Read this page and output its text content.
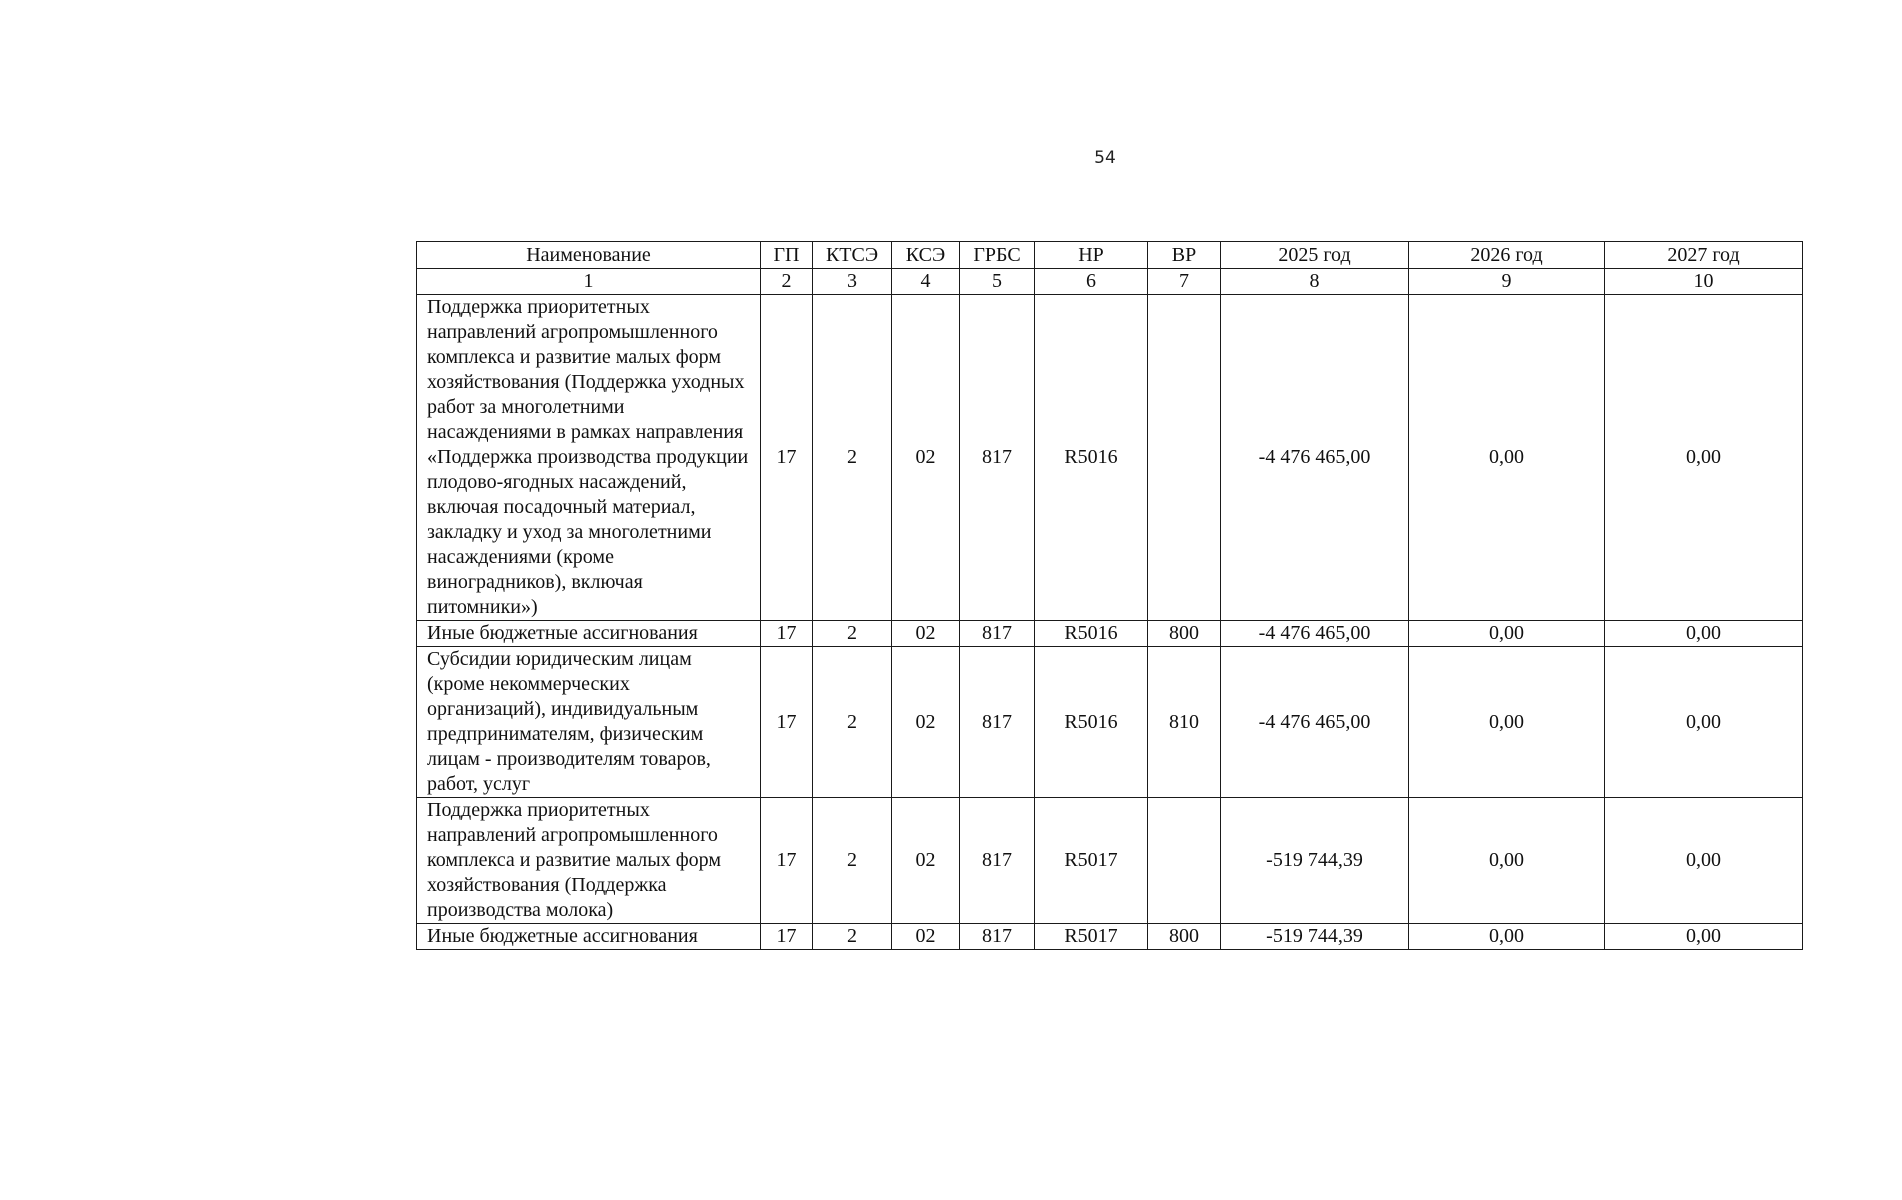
54
Наименование	ГП	КТСЭ	КСЭ	ГРБС	НР	ВР	2025 год	2026 год	2027 год
1	2	3	4	5	6	7	8	9	10
Поддержка приоритетных направлений агропромышленного комплекса и развитие малых форм хозяйствования (Поддержка уходных работ за многолетними насаждениями в рамках направления «Поддержка производства продукции плодово-ягодных насаждений, включая посадочный материал, закладку и уход за многолетними насаждениями (кроме виноградников), включая питомники»)	17	2	02	817	R5016		-4 476 465,00	0,00	0,00
Иные бюджетные ассигнования	17	2	02	817	R5016	800	-4 476 465,00	0,00	0,00
Субсидии юридическим лицам (кроме некоммерческих организаций), индивидуальным предпринимателям, физическим лицам - производителям товаров, работ, услуг	17	2	02	817	R5016	810	-4 476 465,00	0,00	0,00
Поддержка приоритетных направлений агропромышленного комплекса и развитие малых форм хозяйствования (Поддержка производства молока)	17	2	02	817	R5017		-519 744,39	0,00	0,00
Иные бюджетные ассигнования	17	2	02	817	R5017	800	-519 744,39	0,00	0,00
